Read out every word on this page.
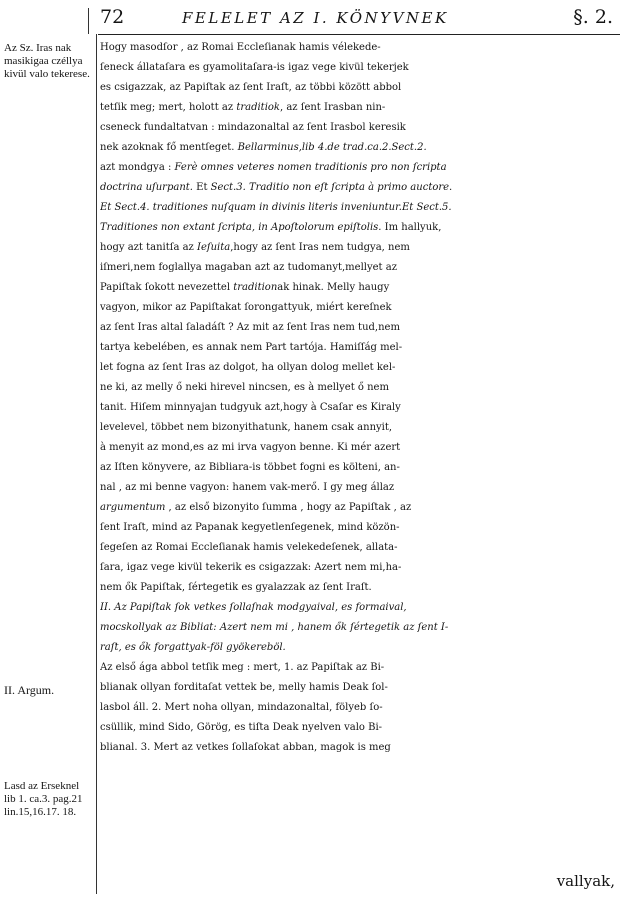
72	FELELET AZ I. KÖNYVNEK	§. 2.
Az Sz. Iras nak masikigaa czéllya kivül valo tekerese.
II. Argum.
Lasd az Erseknel lib 1. ca.3. pag.21 lin.15,16.17. 18.
Hogy masodſor , az Romai Eccleſianak hamis vélekede-
ſeneck állataſara es gyamolitaſara-is igaz vege kivül tekerjek
es csigazzak, az Papiſtak az ſent Iraſt, az többi között abbol
tetſik meg; mert, holott az traditiok, az ſent Irasban nin-
cseneck fundaltatvan : mindazonaltal az ſent Irasbol keresik
nek azoknak fő mentſeget. Bellarminus,lib 4.de trad.ca.2.Sect.2.
azt mondgya : Ferè omnes veteres nomen traditionis pro non ſcripta
doctrina uſurpant. Et Sect.3. Traditio non eſt ſcripta à primo auctore.
Et Sect.4. traditiones nuſquam in divinis literis inveniuntur.Et Sect.5.
Traditiones non extant ſcripta, in Apoſtolorum epiſtolis. Im hallyuk,
hogy azt tanitſa az Ieſuita,hogy az ſent Iras nem tudgya, nem
iſmeri,nem foglallya magaban azt az tudomanyt,mellyet az
Papiſtak ſokott nevezettel traditionak hinak. Melly haugy
vagyon, mikor az Papiſtakat ſorongattyuk, miért kereſnek
az ſent Iras altal ſaladáſt ? Az mit az ſent Iras nem tud,nem
tartya kebelében, es annak nem Part tartója. Hamiſſág mel-
let fogna az ſent Iras az dolgot, ha ollyan dolog mellet kel-
ne ki, az melly ő neki hirevel nincsen, es à mellyet ő nem
tanit. Hiſem minnyajan tudgyuk azt,hogy à Csaſar es Kiraly
levelevel, többet nem bizonyithatunk, hanem csak annyit,
à menyit az mond,es az mi irva vagyon benne. Ki mér azert
az Iſten könyvere, az Bibliara-is többet fogni es költeni, an-
nal , az mi benne vagyon: hanem vak-merő. I gy meg állaz
argumentum , az első bizonyito ſumma , hogy az Papiſtak , az
ſent Iraſt, mind az Papanak kegyetlenſegenek, mind közön-
ſegeſen az Romai Eccleſianak hamis velekedeſenek, allata-
ſara, igaz vege kivül tekerik es csigazzak: Azert nem mi,ha-
nem ők Papiſtak, ſértegetik es gyalazzak az ſent Iraſt.
II. Az Papiſtak ſok vetkes ſollaſnak modgyaival, es formaival,
mocskollyak az Bibliat: Azert nem mi , hanem ők ſértegetik az ſent I-
raſt, es ők forgattyak-föl gyökereböl.
Az első ága abbol tetſik meg : mert, 1. az Papiſtak az Bi-
blianak ollyan forditaſat vettek be, melly hamis Deak ſol-
lasbol áll. 2. Mert noha ollyan, mindazonaltal, fölyeb ſo-
csüllik, mind Sido, Görög, es tiſta Deak nyelven valo Bi-
blianal. 3. Mert az vetkes ſollaſokat abban, magok is meg
vallyak,
